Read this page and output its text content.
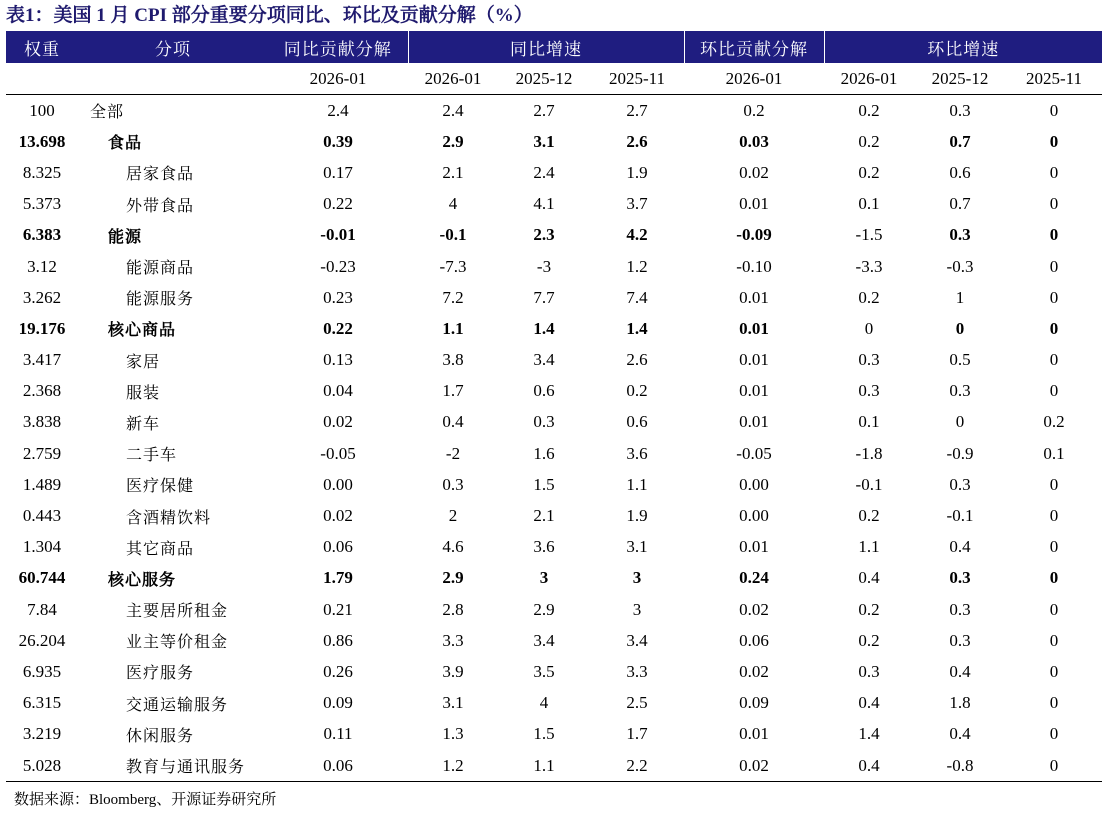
表1：美国 1 月 CPI 部分重要分项同比、环比及贡献分解（%）
权重	分项	同比贡献分解	同比增速			环比贡献分解	环比增速		
		2026-01	2026-01	2025-12	2025-11	2026-01	2026-01	2025-12	2025-11
100	全部	2.4	2.4	2.7	2.7	0.2	0.2	0.3	0
13.698	食品	0.39	2.9	3.1	2.6	0.03	0.2	0.7	0
8.325	居家食品	0.17	2.1	2.4	1.9	0.02	0.2	0.6	0
5.373	外带食品	0.22	4	4.1	3.7	0.01	0.1	0.7	0
6.383	能源	-0.01	-0.1	2.3	4.2	-0.09	-1.5	0.3	0
3.12	能源商品	-0.23	-7.3	-3	1.2	-0.10	-3.3	-0.3	0
3.262	能源服务	0.23	7.2	7.7	7.4	0.01	0.2	1	0
19.176	核心商品	0.22	1.1	1.4	1.4	0.01	0	0	0
3.417	家居	0.13	3.8	3.4	2.6	0.01	0.3	0.5	0
2.368	服装	0.04	1.7	0.6	0.2	0.01	0.3	0.3	0
3.838	新车	0.02	0.4	0.3	0.6	0.01	0.1	0	0.2
2.759	二手车	-0.05	-2	1.6	3.6	-0.05	-1.8	-0.9	0.1
1.489	医疗保健	0.00	0.3	1.5	1.1	0.00	-0.1	0.3	0
0.443	含酒精饮料	0.02	2	2.1	1.9	0.00	0.2	-0.1	0
1.304	其它商品	0.06	4.6	3.6	3.1	0.01	1.1	0.4	0
60.744	核心服务	1.79	2.9	3	3	0.24	0.4	0.3	0
7.84	主要居所租金	0.21	2.8	2.9	3	0.02	0.2	0.3	0
26.204	业主等价租金	0.86	3.3	3.4	3.4	0.06	0.2	0.3	0
6.935	医疗服务	0.26	3.9	3.5	3.3	0.02	0.3	0.4	0
6.315	交通运输服务	0.09	3.1	4	2.5	0.09	0.4	1.8	0
3.219	休闲服务	0.11	1.3	1.5	1.7	0.01	1.4	0.4	0
5.028	教育与通讯服务	0.06	1.2	1.1	2.2	0.02	0.4	-0.8	0
数据来源：Bloomberg、开源证券研究所
